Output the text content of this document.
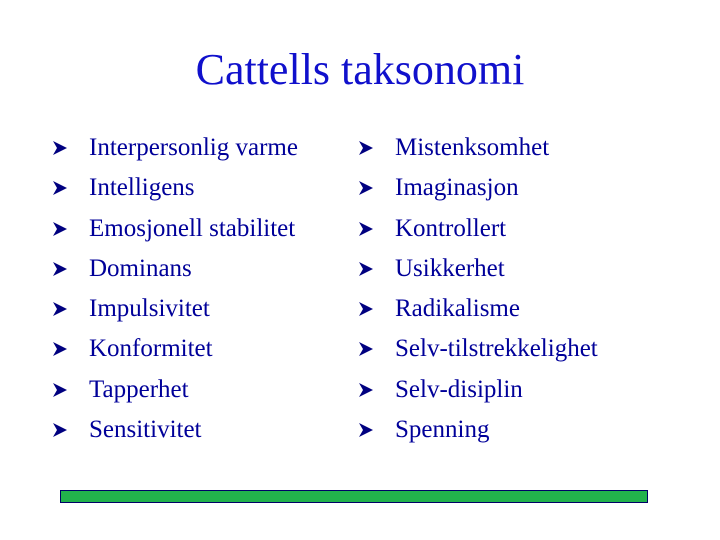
Cattells taksonomi
Interpersonlig varme
Intelligens
Emosjonell stabilitet
Dominans
Impulsivitet
Konformitet
Tapperhet
Sensitivitet
Mistenksomhet
Imaginasjon
Kontrollert
Usikkerhet
Radikalisme
Selv-tilstrekkelighet
Selv-disiplin
Spenning
